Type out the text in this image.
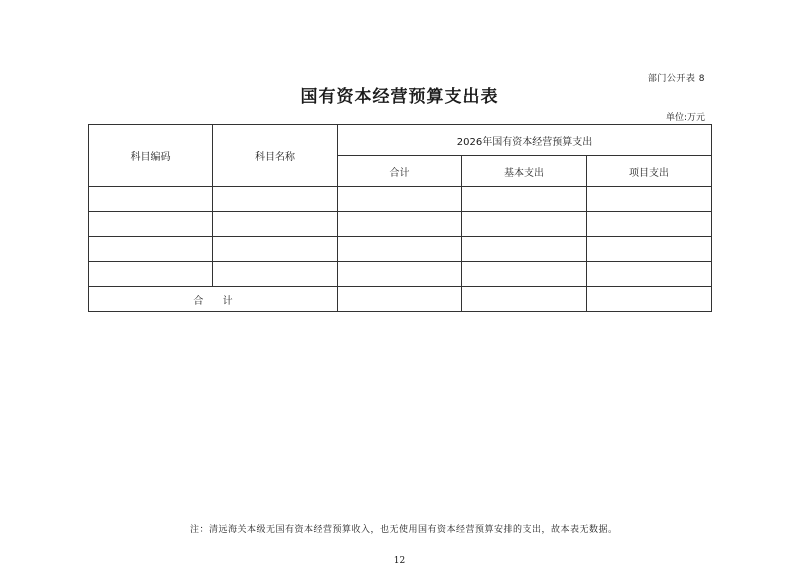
部门公开表 8
国有资本经营预算支出表
单位:万元
科目编码	科目名称	2026年国有资本经营预算支出		
		合计	基本支出	项目支出

合 计				
注：清远海关本级无国有资本经营预算收入，也无使用国有资本经营预算安排的支出，故本表无数据。
12
